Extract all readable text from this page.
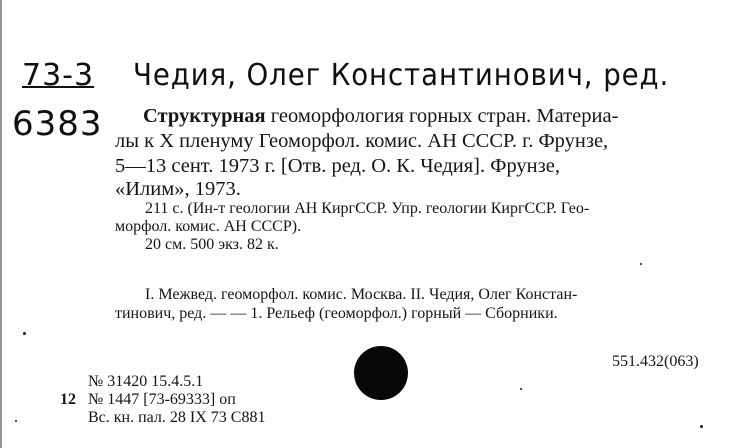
73-3 Чедия, Олег Константинович, ред.
6383 Структурная геоморфология горных стран. Материа-
лы к X пленуму Геоморфол. комис. АН СССР. г. Фрунзе,
5—13 сент. 1973 г. [Отв. ред. О. К. Чедия]. Фрунзе,
«Илим», 1973.
211 с. (Ин-т геологии АН КиргССР. Упр. геологии КиргССР. Гео-
морфол. комис. АН СССР).
20 см. 500 экз. 82 к.
I. Межвед. геоморфол. комис. Москва. II. Чедия, Олег Констан-
тинович, ред. — — 1. Рельеф (геоморфол.) горный — Сборники.
551.432(063)
№ 31420 15.4.5.1
12 № 1447 [73-69333] оп
Вс. кн. пал. 28 IX 73 С881
